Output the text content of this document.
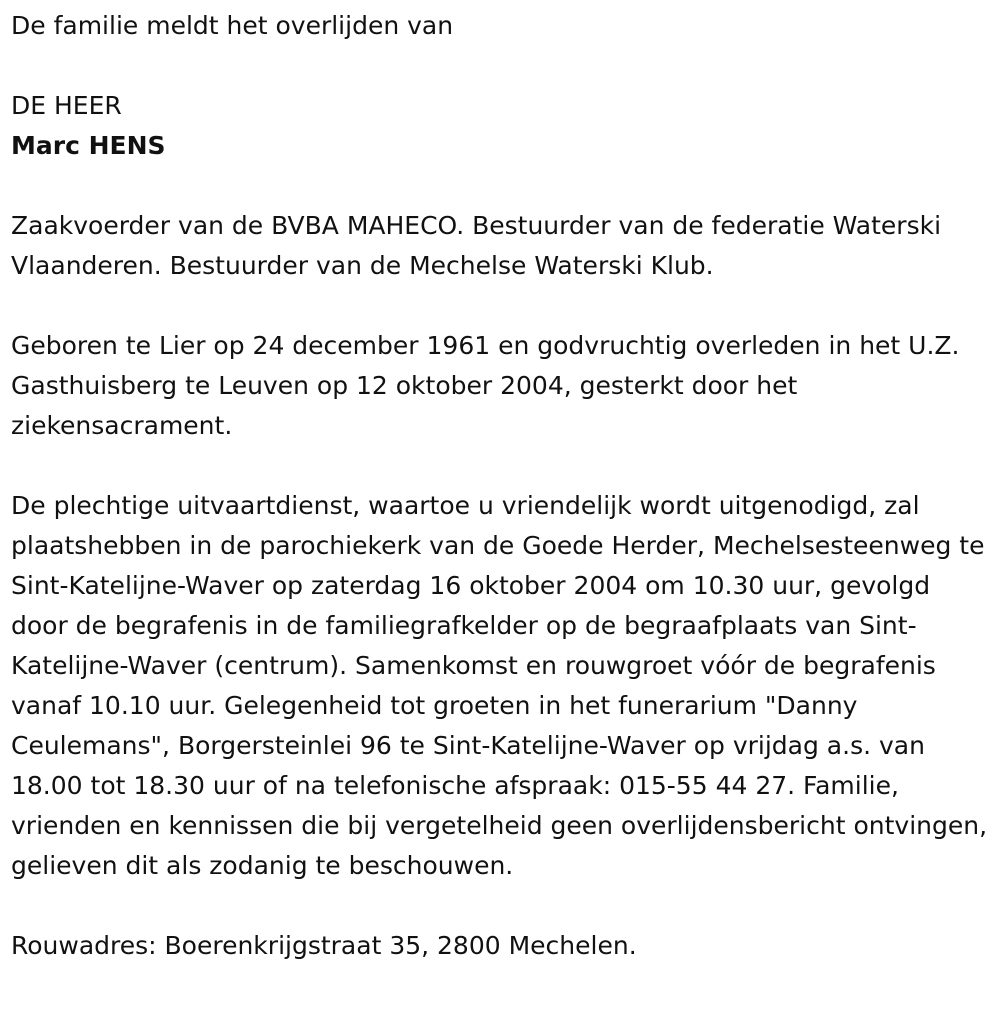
De familie meldt het overlijden van

DE HEER

Marc HENS

Zaakvoerder van de BVBA MAHECO. Bestuurder van de federatie Waterski Vlaanderen. Bestuurder van de Mechelse Waterski Klub.

Geboren te Lier op 24 december 1961 en godvruchtig overleden in het U.Z. Gasthuisberg te Leuven op 12 oktober 2004, gesterkt door het ziekensacrament.

De plechtige uitvaartdienst, waartoe u vriendelijk wordt uitgenodigd, zal plaatshebben in de parochiekerk van de Goede Herder, Mechelsesteenweg te Sint-Katelijne-Waver op zaterdag 16 oktober 2004 om 10.30 uur, gevolgd door de begrafenis in de familiegrafkelder op de begraafplaats van Sint-Katelijne-Waver (centrum). Samenkomst en rouwgroet vóór de begrafenis vanaf 10.10 uur. Gelegenheid tot groeten in het funerarium "Danny Ceulemans", Borgersteinlei 96 te Sint-Katelijne-Waver op vrijdag a.s. van 18.00 tot 18.30 uur of na telefonische afspraak: 015-55 44 27. Familie, vrienden en kennissen die bij vergetelheid geen overlijdensbericht ontvingen, gelieven dit als zodanig te beschouwen.

Rouwadres: Boerenkrijgstraat 35, 2800 Mechelen.
